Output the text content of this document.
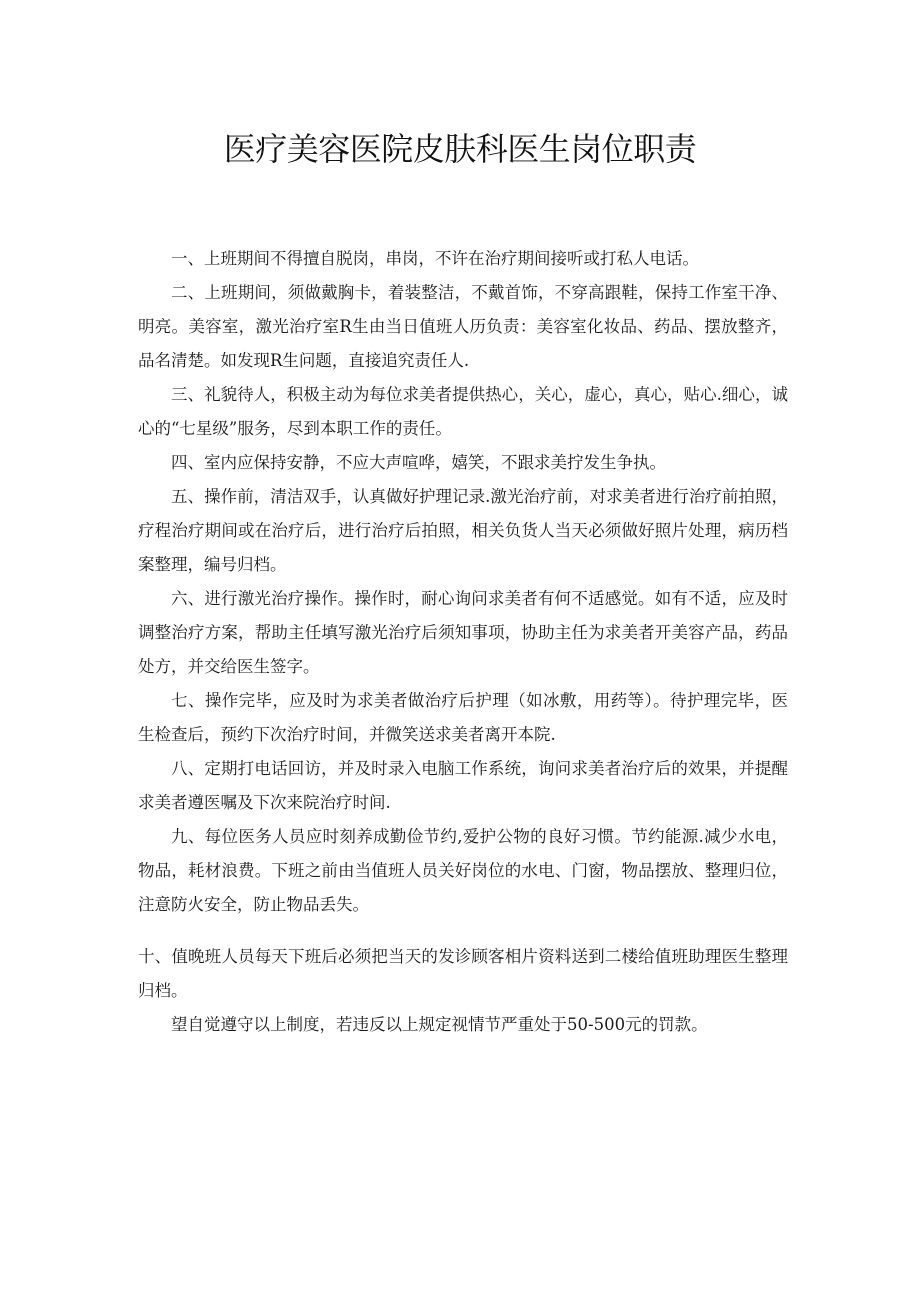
医疗美容医院皮肤科医生岗位职责

一、上班期间不得擅自脱岗，串岗，不许在治疗期间接听或打私人电话。

二、上班期间，须做戴胸卡，着装整洁，不戴首饰，不穿高跟鞋，保持工作室干净、明亮。美容室，激光治疗室R生由当日值班人历负责：美容室化妆品、药品、摆放整齐，品名清楚。如发现R生问题，直接追究责任人.

三、礼貌待人，积极主动为每位求美者提供热心，关心，虚心，真心，贴心.细心，诚心的“七星级”服务，尽到本职工作的责任。

四、室内应保持安静，不应大声喧哗，嬉笑，不跟求美拧发生争执。

五、操作前，清洁双手，认真做好护理记录.激光治疗前，对求美者进行治疗前拍照，疗程治疗期间或在治疗后，进行治疗后拍照，相关负货人当天必须做好照片处理，病历档案整理，编号归档。

六、进行激光治疗操作。操作时，耐心询问求美者有何不适感觉。如有不适，应及时调整治疗方案，帮助主任填写激光治疗后须知事项，协助主任为求美者开美容产品，药品处方，并交给医生签字。

七、操作完毕，应及时为求美者做治疗后护理（如冰敷，用药等）。待护理完毕，医生检查后，预约下次治疗时间，并微笑送求美者离开本院.

八、定期打电话回访，并及时录入电脑工作系统，询问求美者治疗后的效果，并提醒求美者遵医嘱及下次来院治疗时间.

九、每位医务人员应时刻养成勤俭节约,爱护公物的良好习惯。节约能源.减少水电，物品，耗材浪费。下班之前由当值班人员关好岗位的水电、门窗，物品摆放、整理归位，注意防火安全，防止物品丢失。

十、值晚班人员每天下班后必须把当天的发诊顾客相片资料送到二楼给值班助理医生整理归档。

望自觉遵守以上制度，若违反以上规定视情节严重处于50-500元的罚款。
